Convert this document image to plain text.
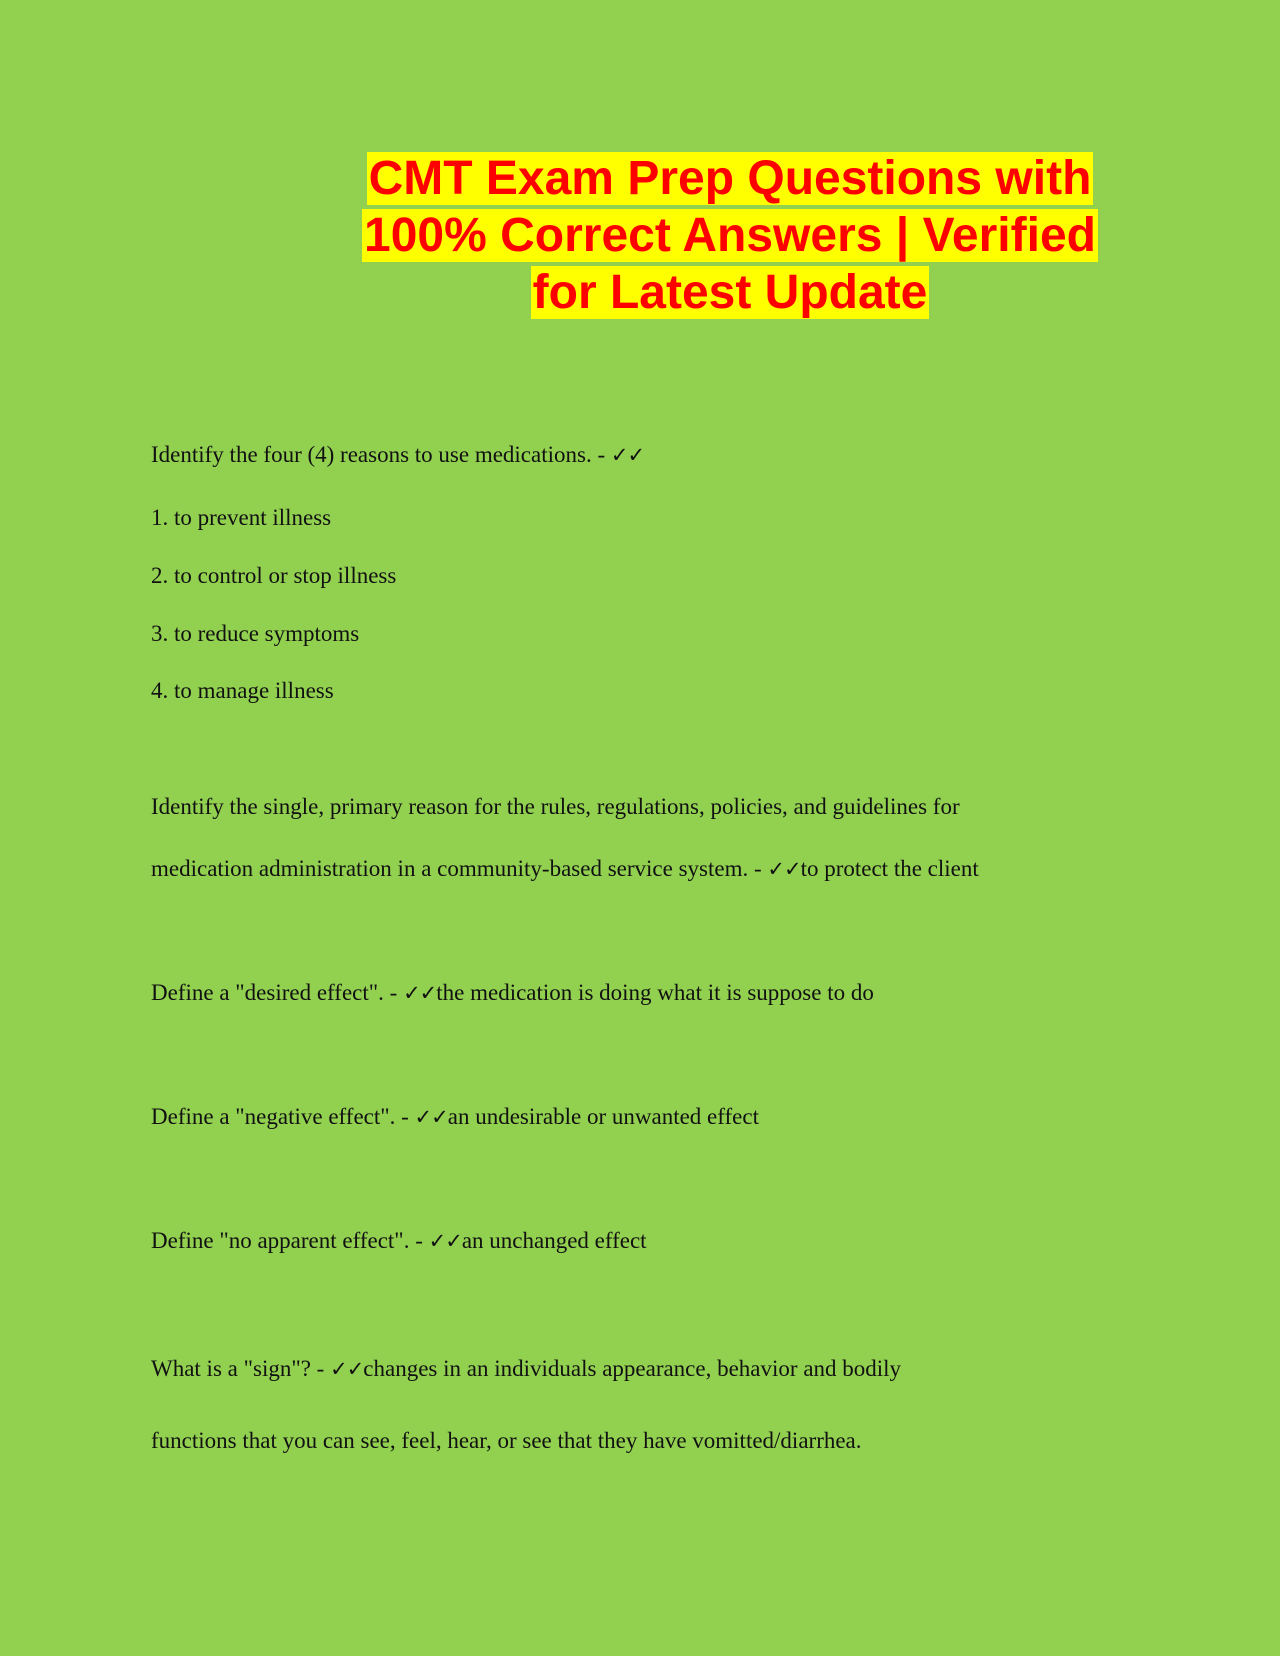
CMT Exam Prep Questions with
100% Correct Answers | Verified
for Latest Update

Identify the four (4) reasons to use medications. - ✓✓

1. to prevent illness

2. to control or stop illness

3. to reduce symptoms

4. to manage illness

Identify the single, primary reason for the rules, regulations, policies, and guidelines for

medication administration in a community-based service system. - ✓✓to protect the client

Define a "desired effect". - ✓✓the medication is doing what it is suppose to do

Define a "negative effect". - ✓✓an undesirable or unwanted effect

Define "no apparent effect". - ✓✓an unchanged effect

What is a "sign"? - ✓✓changes in an individuals appearance, behavior and bodily

functions that you can see, feel, hear, or see that they have vomitted/diarrhea.
